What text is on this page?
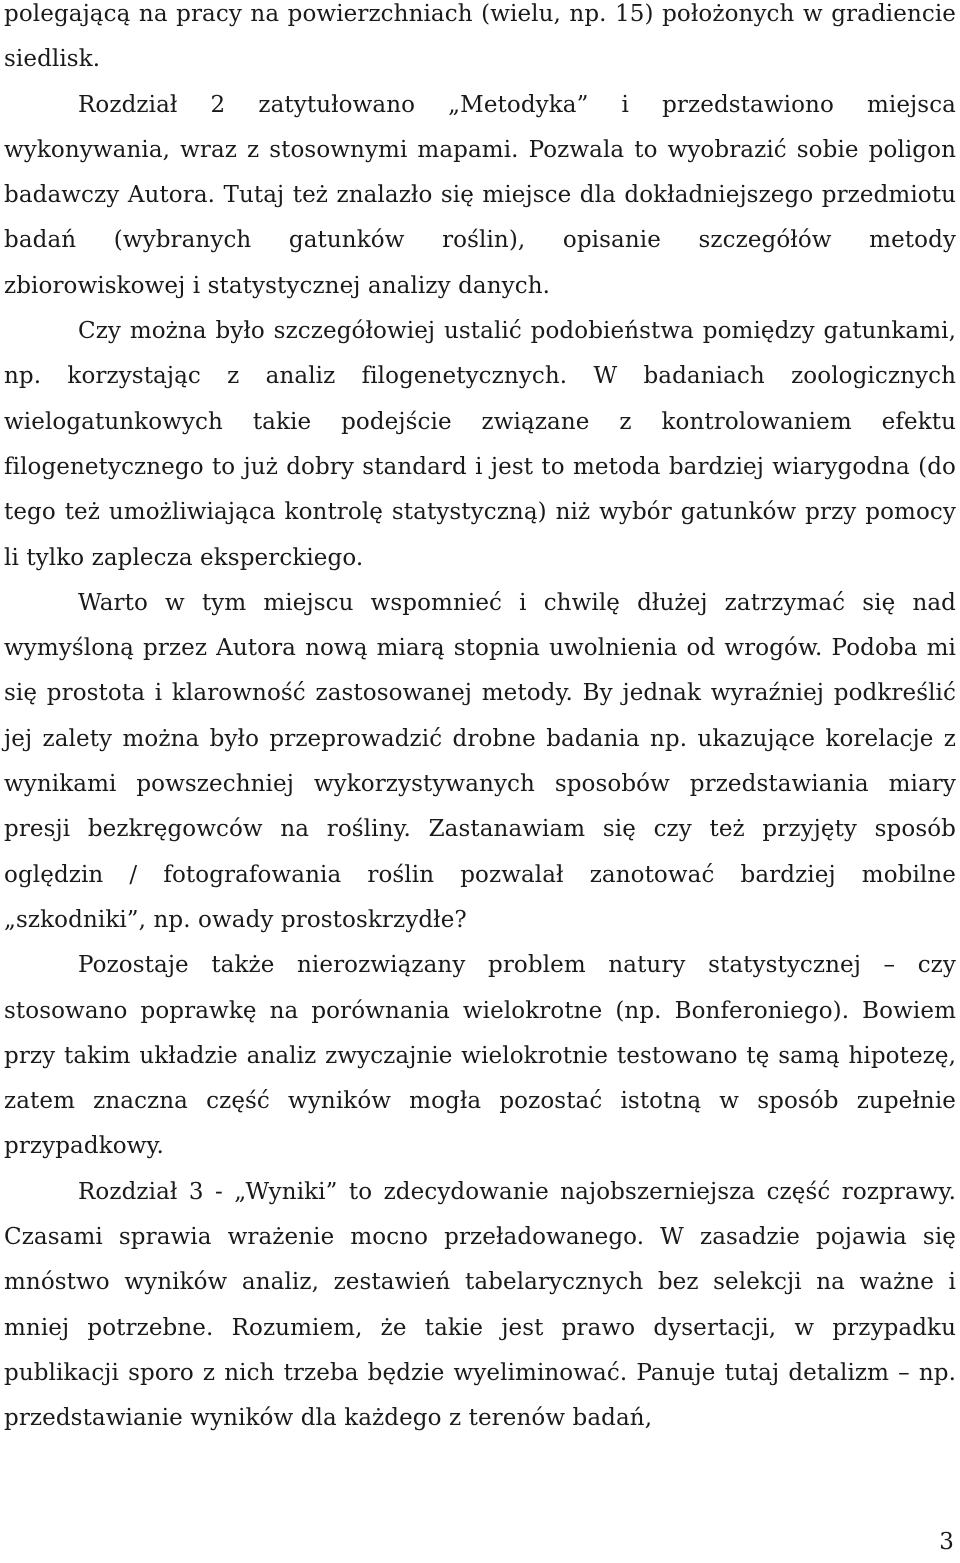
polegającą na pracy na powierzchniach (wielu, np. 15) położonych w gradiencie siedlisk.

Rozdział 2 zatytułowano „Metodyka” i przedstawiono miejsca wykonywania, wraz z stosownymi mapami. Pozwala to wyobrazić sobie poligon badawczy Autora. Tutaj też znalazło się miejsce dla dokładniejszego przedmiotu badań (wybranych gatunków roślin), opisanie szczegółów metody zbiorowiskowej i statystycznej analizy danych.

Czy można było szczegółowiej ustalić podobieństwa pomiędzy gatunkami, np. korzystając z analiz filogenetycznych. W badaniach zoologicznych wielogatunkowych takie podejście związane z kontrolowaniem efektu filogenetycznego to już dobry standard i jest to metoda bardziej wiarygodna (do tego też umożliwiająca kontrolę statystyczną) niż wybór gatunków przy pomocy li tylko zaplecza eksperckiego.

Warto w tym miejscu wspomnieć i chwilę dłużej zatrzymać się nad wymyśloną przez Autora nową miarą stopnia uwolnienia od wrogów. Podoba mi się prostota i klarowność zastosowanej metody. By jednak wyraźniej podkreślić jej zalety można było przeprowadzić drobne badania np. ukazujące korelacje z wynikami powszechniej wykorzystywanych sposobów przedstawiania miary presji bezkręgowców na rośliny. Zastanawiam się czy też przyjęty sposób oględzin / fotografowania roślin pozwalał zanotować bardziej mobilne „szkodniki”, np. owady prostoskrzydłe?

Pozostaje także nierozwiązany problem natury statystycznej – czy stosowano poprawkę na porównania wielokrotne (np. Bonferoniego). Bowiem przy takim układzie analiz zwyczajnie wielokrotnie testowano tę samą hipotezę, zatem znaczna część wyników mogła pozostać istotną w sposób zupełnie przypadkowy.

Rozdział 3 - „Wyniki” to zdecydowanie najobszerniejsza część rozprawy. Czasami sprawia wrażenie mocno przeładowanego. W zasadzie pojawia się mnóstwo wyników analiz, zestawień tabelarycznych bez selekcji na ważne i mniej potrzebne. Rozumiem, że takie jest prawo dysertacji, w przypadku publikacji sporo z nich trzeba będzie wyeliminować. Panuje tutaj detalizm – np. przedstawianie wyników dla każdego z terenów badań,

3
